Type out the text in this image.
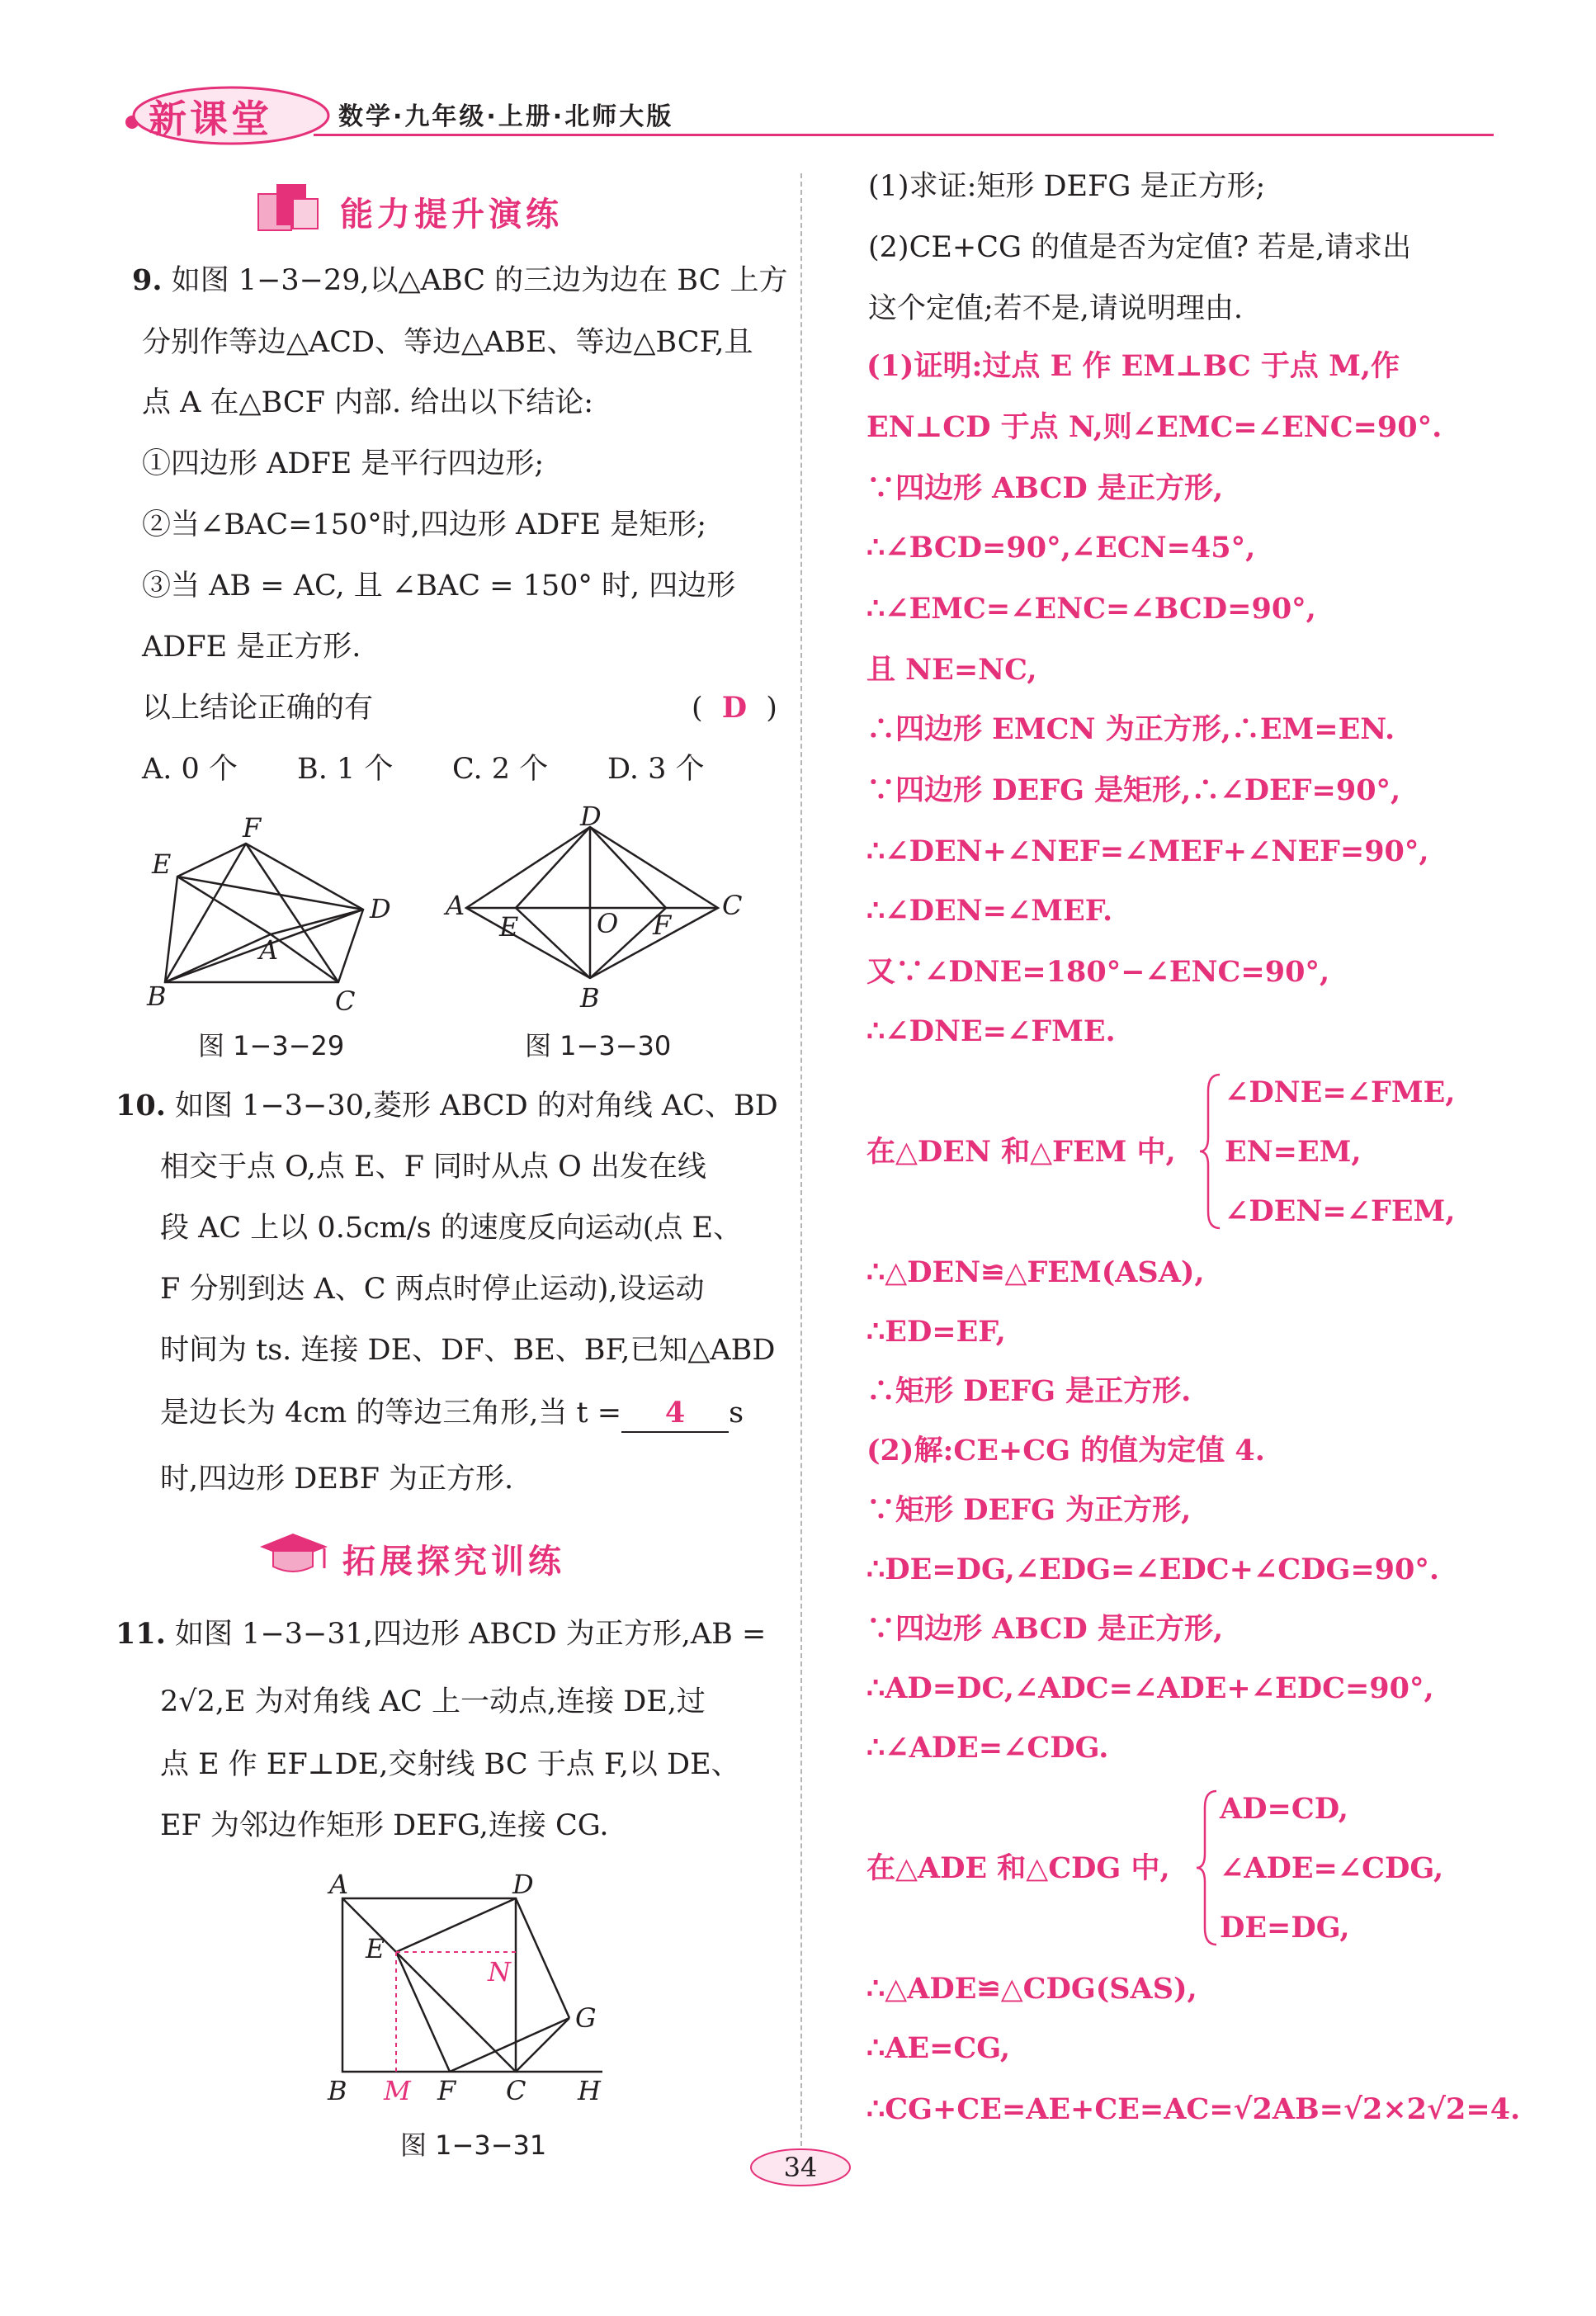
新课堂	数学·九年级·上册·北师大版
能力提升演练
9. 如图 1−3−29,以△ABC 的三边为边在 BC 上方
分别作等边△ACD、等边△ABE、等边△BCF,且
点 A 在△BCF 内部. 给出以下结论:
①四边形 ADFE 是平行四边形;
②当∠BAC=150°时,四边形 ADFE 是矩形;
③当 AB = AC, 且 ∠BAC = 150° 时, 四边形
ADFE 是正方形.
以上结论正确的有	( D )
A. 0 个 B. 1 个 C. 2 个 D. 3 个
E
F
D
A
B	C
图 1−3−29
D
A
E	O F
C
B
图 1−3−30
10. 如图 1−3−30,菱形 ABCD 的对角线 AC、BD
相交于点 O,点 E、F 同时从点 O 出发在线
段 AC 上以 0.5cm/s 的速度反向运动(点 E、
F 分别到达 A、C 两点时停止运动),设运动
时间为 ts. 连接 DE、DF、BE、BF,已知△ABD
是边长为 4cm 的等边三角形,当 t = 4 s
时,四边形 DEBF 为正方形.
拓展探究训练
11. 如图 1−3−31,四边形 ABCD 为正方形,AB =
2√2,E 为对角线 AC 上一动点,连接 DE,过
点 E 作 EF⊥DE,交射线 BC 于点 F,以 DE、
EF 为邻边作矩形 DEFG,连接 CG.
A	D
E
N
G
B M F C H
图 1−3−31
(1)求证:矩形 DEFG 是正方形;
(2)CE+CG 的值是否为定值? 若是,请求出
这个定值;若不是,请说明理由.
(1)证明:过点 E 作 EM⊥BC 于点 M,作
EN⊥CD 于点 N,则∠EMC=∠ENC=90°.
∵四边形 ABCD 是正方形,
∴∠BCD=90°,∠ECN=45°,
∴∠EMC=∠ENC=∠BCD=90°,
且 NE=NC,
∴四边形 EMCN 为正方形,∴EM=EN.
∵四边形 DEFG 是矩形,∴∠DEF=90°,
∴∠DEN+∠NEF=∠MEF+∠NEF=90°,
∴∠DEN=∠MEF.
又∵∠DNE=180°−∠ENC=90°,
∴∠DNE=∠FME.
在△DEN 和△FEM 中,
∠DNE=∠FME,
EN=EM,
∠DEN=∠FEM,
∴△DEN≌△FEM(ASA),
∴ED=EF,
∴矩形 DEFG 是正方形.
(2)解:CE+CG 的值为定值 4.
∵矩形 DEFG 为正方形,
∴DE=DG,∠EDG=∠EDC+∠CDG=90°.
∵四边形 ABCD 是正方形,
∴AD=DC,∠ADC=∠ADE+∠EDC=90°,
∴∠ADE=∠CDG.
在△ADE 和△CDG 中,
AD=CD,
∠ADE=∠CDG,
DE=DG,
∴△ADE≌△CDG(SAS),
∴AE=CG,
∴CG+CE=AE+CE=AC=√2AB=√2×2√2=4.
34
